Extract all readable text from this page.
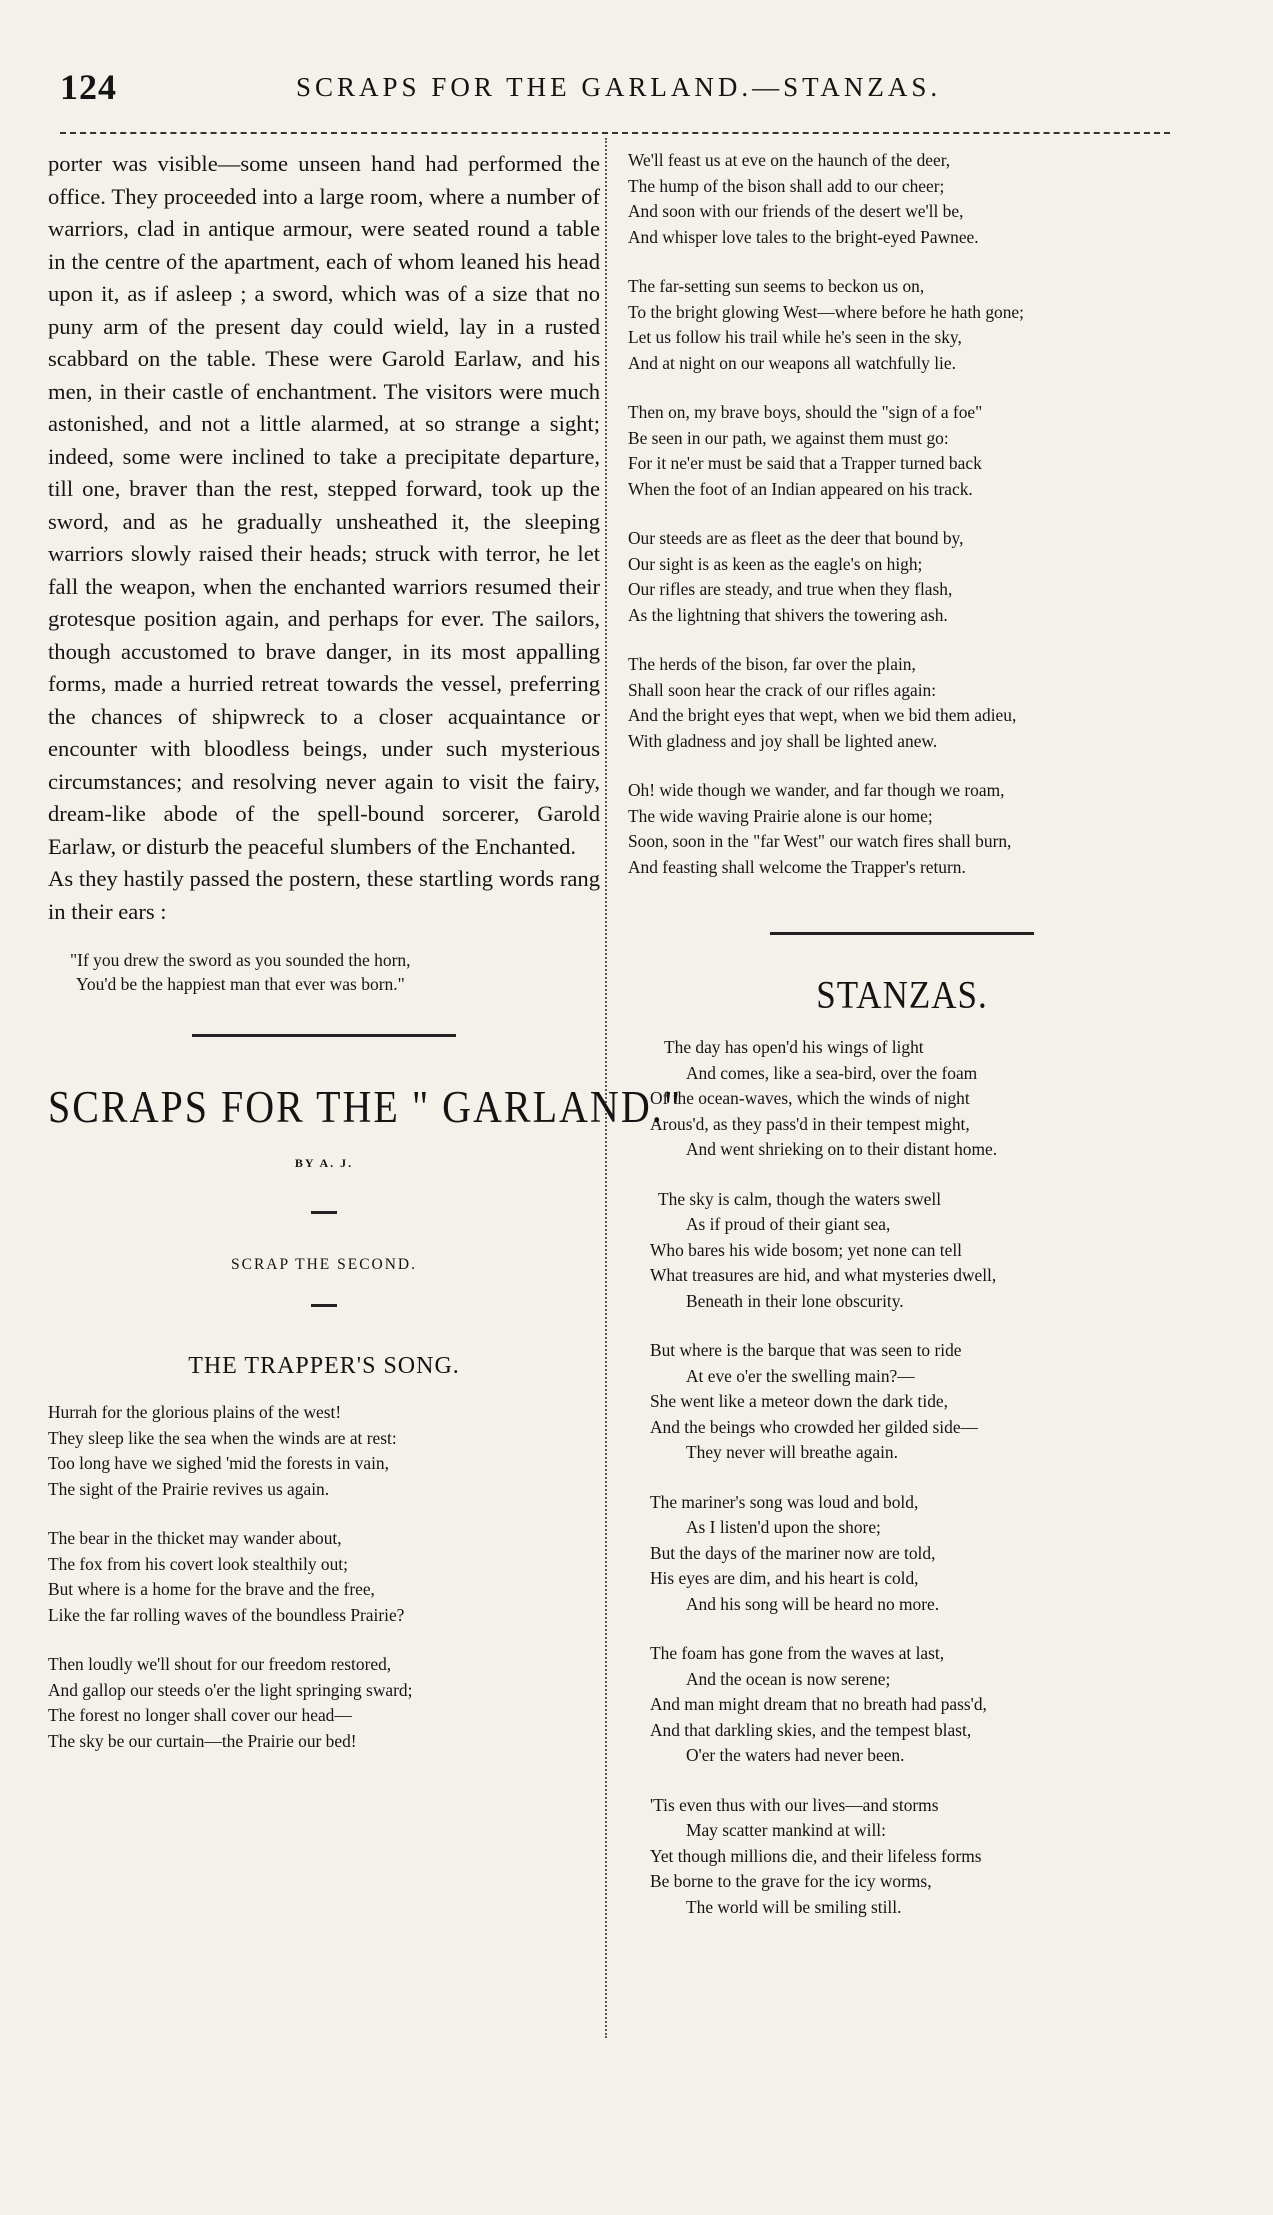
124	SCRAPS FOR THE GARLAND.—STANZAS.

porter was visible—some unseen hand had performed the office. They proceeded into a large room, where a number of warriors, clad in antique armour, were seated round a table in the centre of the apartment, each of whom leaned his head upon it, as if asleep ; a sword, which was of a size that no puny arm of the present day could wield, lay in a rusted scabbard on the table. These were Garold Earlaw, and his men, in their castle of enchantment. The visitors were much astonished, and not a little alarmed, at so strange a sight; indeed, some were inclined to take a precipitate departure, till one, braver than the rest, stepped forward, took up the sword, and as he gradually unsheathed it, the sleeping warriors slowly raised their heads; struck with terror, he let fall the weapon, when the enchanted warriors resumed their grotesque position again, and perhaps for ever. The sailors, though accustomed to brave danger, in its most appalling forms, made a hurried retreat towards the vessel, preferring the chances of shipwreck to a closer acquaintance or encounter with bloodless beings, under such mysterious circumstances; and resolving never again to visit the fairy, dream-like abode of the spell-bound sorcerer, Garold Earlaw, or disturb the peaceful slumbers of the Enchanted.

As they hastily passed the postern, these startling words rang in their ears :

"If you drew the sword as you sounded the horn,
You'd be the happiest man that ever was born."
SCRAPS FOR THE " GARLAND."
BY A. J.
SCRAP THE SECOND.
THE TRAPPER'S SONG.
Hurrah for the glorious plains of the west!
They sleep like the sea when the winds are at rest:
Too long have we sighed 'mid the forests in vain,
The sight of the Prairie revives us again.
The bear in the thicket may wander about,
The fox from his covert look stealthily out;
But where is a home for the brave and the free,
Like the far rolling waves of the boundless Prairie?
Then loudly we'll shout for our freedom restored,
And gallop our steeds o'er the light springing sward;
The forest no longer shall cover our head—
The sky be our curtain—the Prairie our bed!
We'll feast us at eve on the haunch of the deer,
The hump of the bison shall add to our cheer;
And soon with our friends of the desert we'll be,
And whisper love tales to the bright-eyed Pawnee.
The far-setting sun seems to beckon us on,
To the bright glowing West—where before he hath gone;
Let us follow his trail while he's seen in the sky,
And at night on our weapons all watchfully lie.
Then on, my brave boys, should the "sign of a foe"
Be seen in our path, we against them must go:
For it ne'er must be said that a Trapper turned back
When the foot of an Indian appeared on his track.
Our steeds are as fleet as the deer that bound by,
Our sight is as keen as the eagle's on high;
Our rifles are steady, and true when they flash,
As the lightning that shivers the towering ash.
The herds of the bison, far over the plain,
Shall soon hear the crack of our rifles again:
And the bright eyes that wept, when we bid them adieu,
With gladness and joy shall be lighted anew.
Oh! wide though we wander, and far though we roam,
The wide waving Prairie alone is our home;
Soon, soon in the "far West" our watch fires shall burn,
And feasting shall welcome the Trapper's return.
STANZAS.
The day has open'd his wings of light
And comes, like a sea-bird, over the foam
Of the ocean-waves, which the winds of night
Arous'd, as they pass'd in their tempest might,
And went shrieking on to their distant home.
The sky is calm, though the waters swell
As if proud of their giant sea,
Who bares his wide bosom; yet none can tell
What treasures are hid, and what mysteries dwell,
Beneath in their lone obscurity.
But where is the barque that was seen to ride
At eve o'er the swelling main?—
She went like a meteor down the dark tide,
And the beings who crowded her gilded side—
They never will breathe again.
The mariner's song was loud and bold,
As I listen'd upon the shore;
But the days of the mariner now are told,
His eyes are dim, and his heart is cold,
And his song will be heard no more.
The foam has gone from the waves at last,
And the ocean is now serene;
And man might dream that no breath had pass'd,
And that darkling skies, and the tempest blast,
O'er the waters had never been.
'Tis even thus with our lives—and storms
May scatter mankind at will:
Yet though millions die, and their lifeless forms
Be borne to the grave for the icy worms,
The world will be smiling still.
